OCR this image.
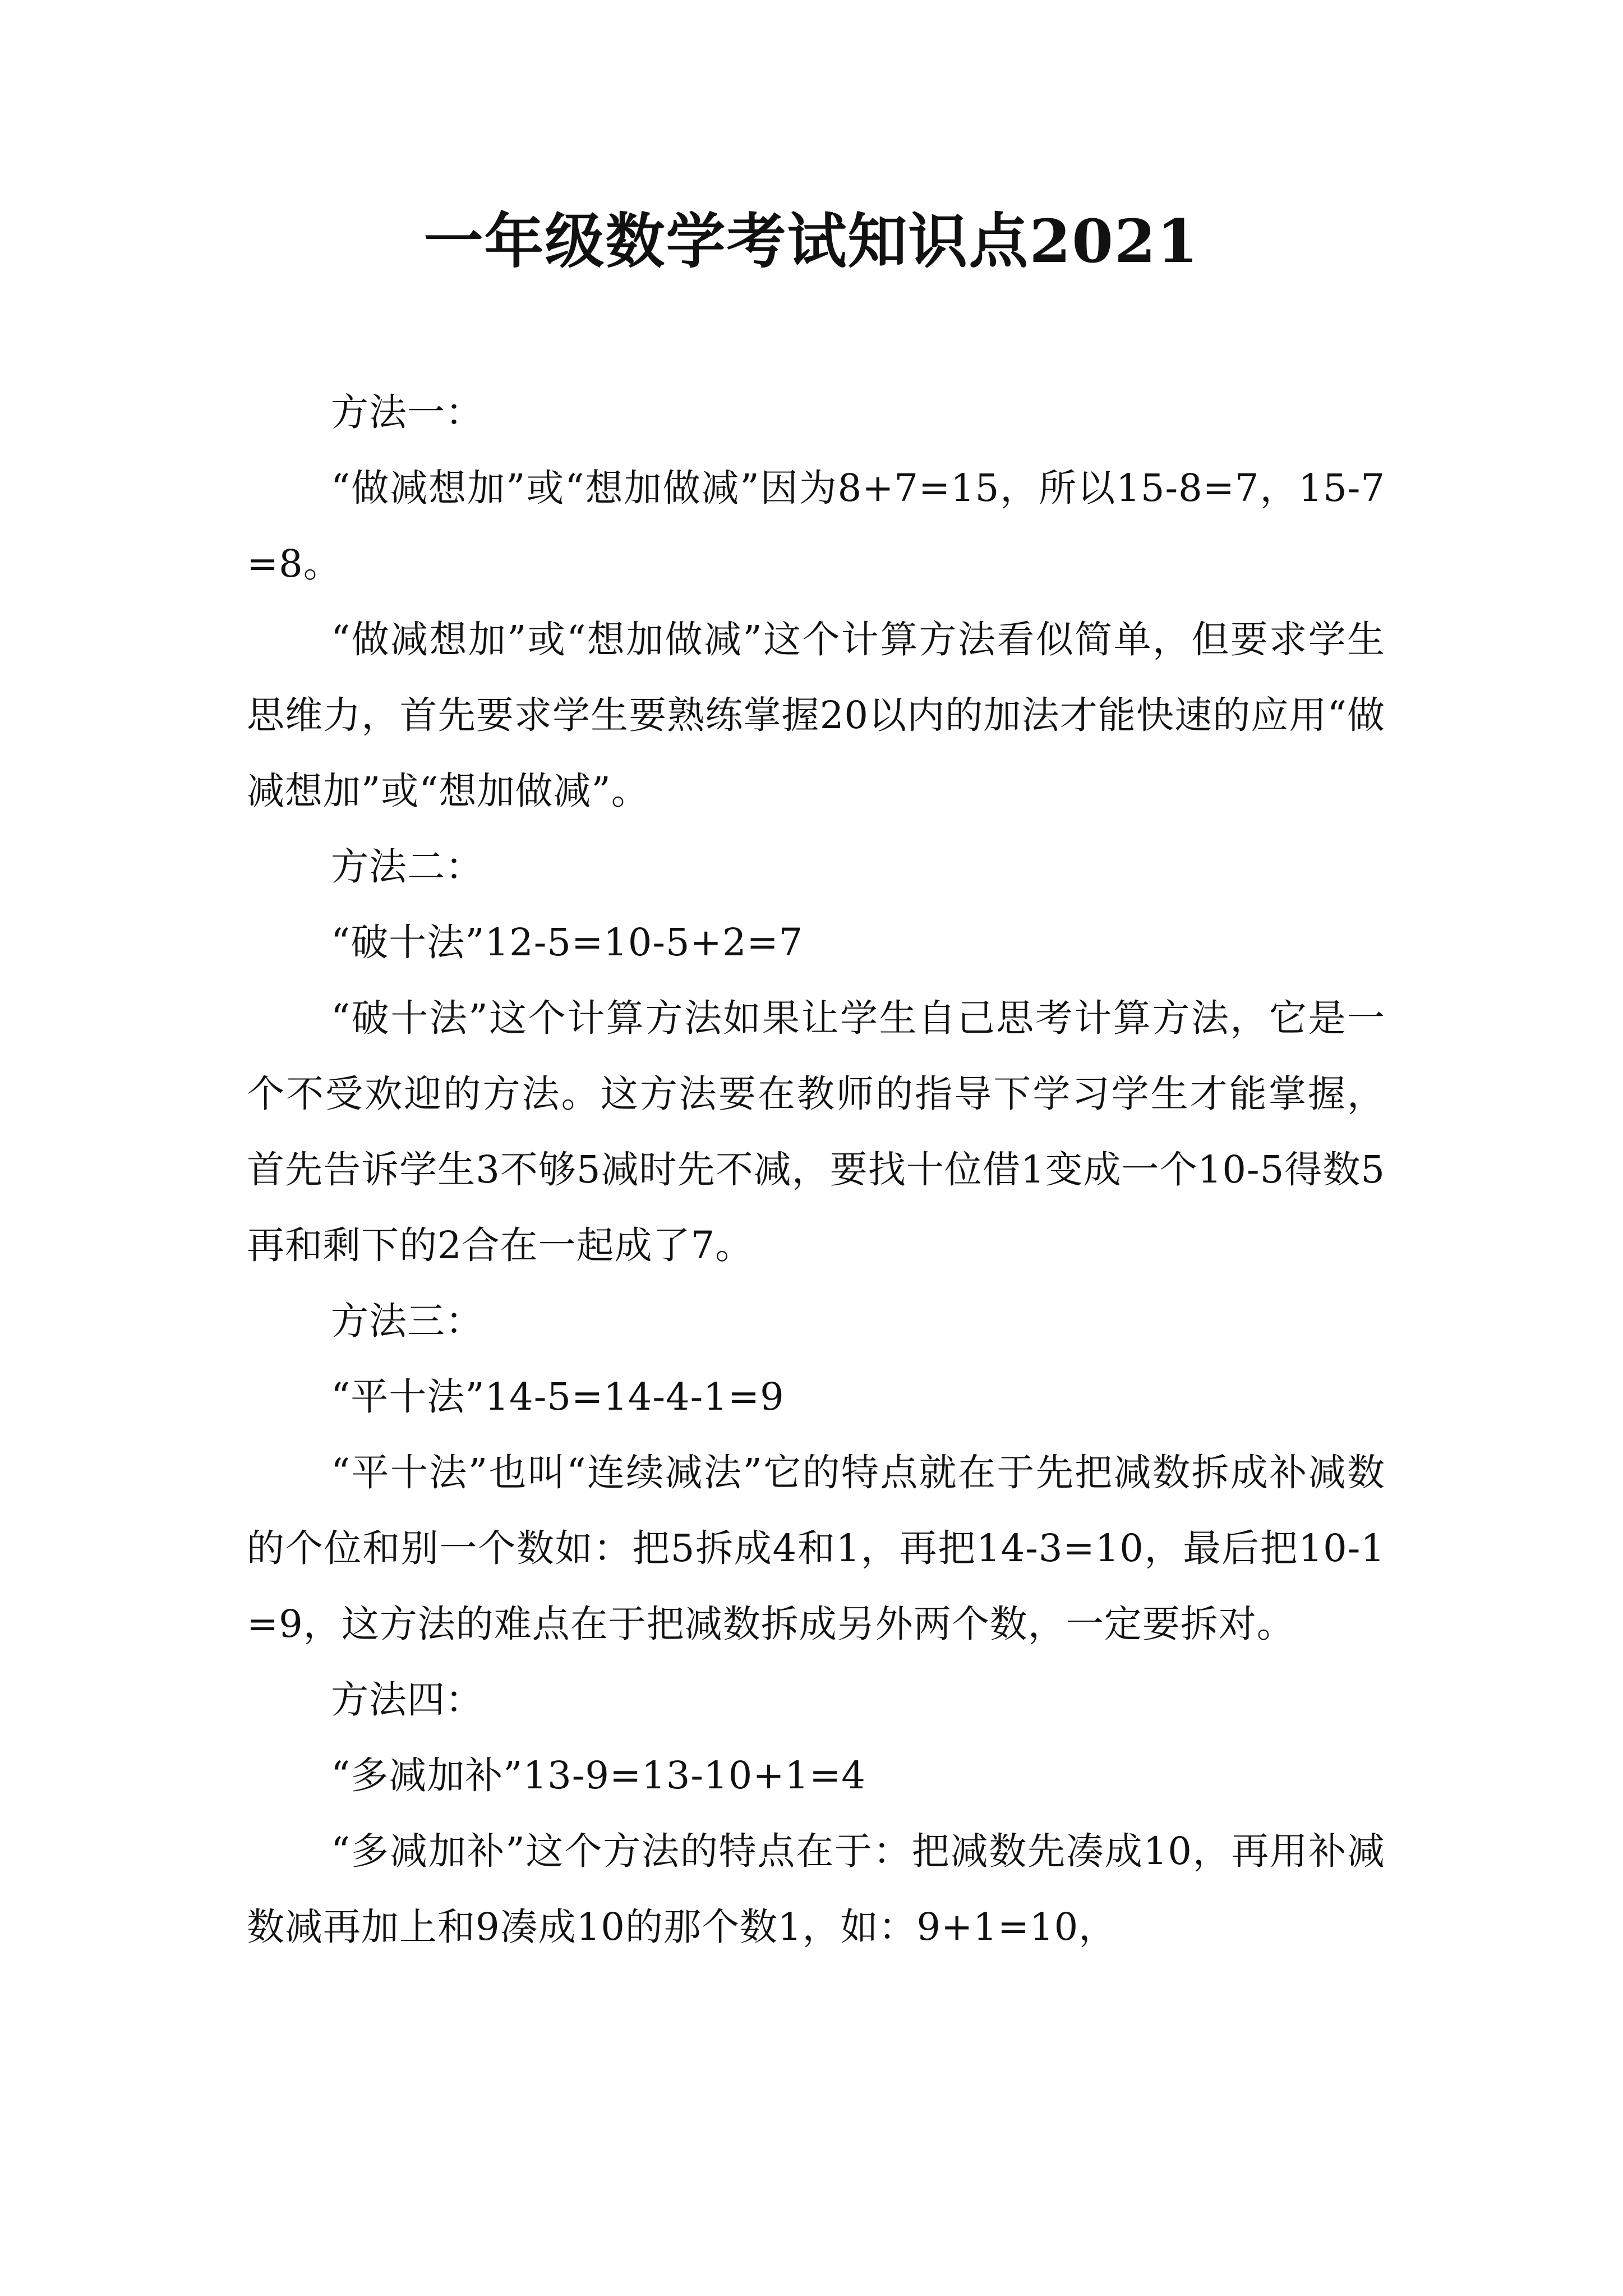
一年级数学考试知识点2021

方法一：

“做减想加”或“想加做减”因为8+7=15，所以15-8=7，15-7=8。

“做减想加”或“想加做减”这个计算方法看似简单，但要求学生思维力，首先要求学生要熟练掌握20以内的加法才能快速的应用“做减想加”或“想加做减”。

方法二：

“破十法”12-5=10-5+2=7

“破十法”这个计算方法如果让学生自己思考计算方法，它是一个不受欢迎的方法。这方法要在教师的指导下学习学生才能掌握，首先告诉学生3不够5减时先不减，要找十位借1变成一个10-5得数5再和剩下的2合在一起成了7。

方法三：

“平十法”14-5=14-4-1=9

“平十法”也叫“连续减法”它的特点就在于先把减数拆成补减数的个位和别一个数如：把5拆成4和1，再把14-3=10，最后把10-1=9，这方法的难点在于把减数拆成另外两个数，一定要拆对。

方法四：

“多减加补”13-9=13-10+1=4

“多减加补”这个方法的特点在于：把减数先凑成10，再用补减数减再加上和9凑成10的那个数1，如：9+1=10，
